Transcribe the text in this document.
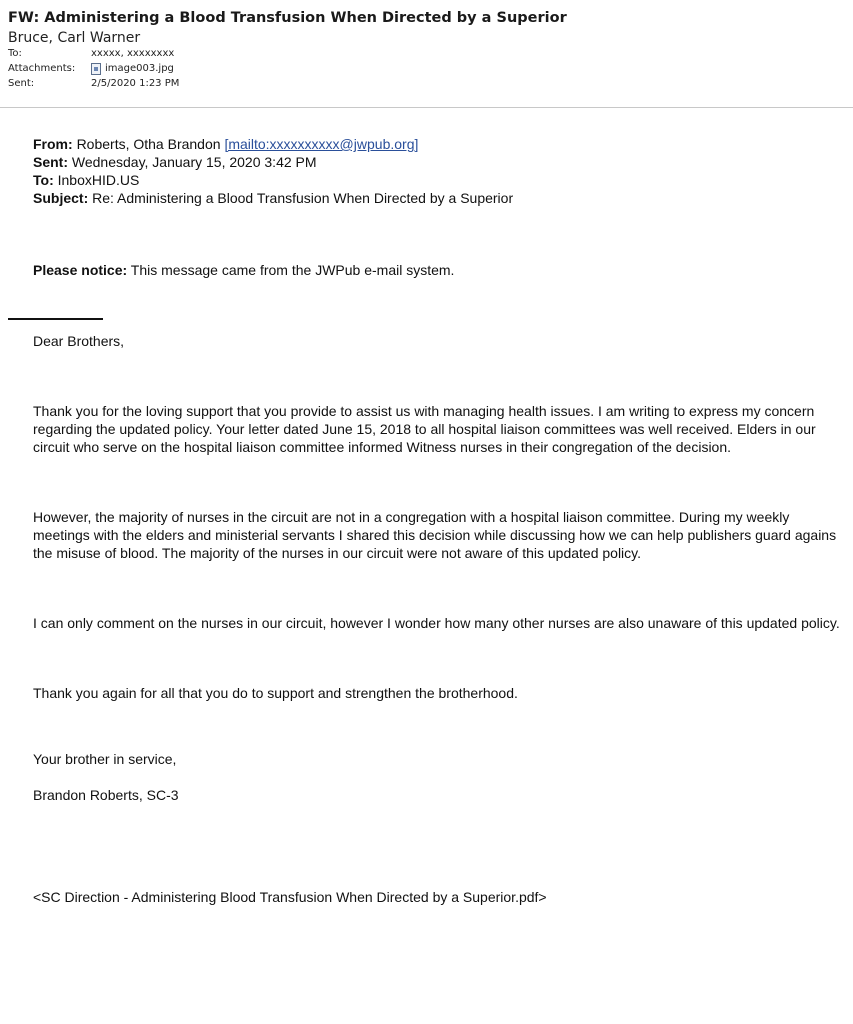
FW: Administering a Blood Transfusion When Directed by a Superior
Bruce, Carl Warner
To:	xxxxx, xxxxxxxx
Attachments:	image003.jpg
Sent:	2/5/2020 1:23 PM

From: Roberts, Otha Brandon [mailto:xxxxxxxxxx@jwpub.org]

Sent: Wednesday, January 15, 2020 3:42 PM

To: InboxHID.US

Subject: Re: Administering a Blood Transfusion When Directed by a Superior

Please notice: This message came from the JWPub e-mail system.

Dear Brothers,

Thank you for the loving support that you provide to assist us with managing health issues. I am writing to express my concern regarding the updated policy. Your letter dated June 15, 2018 to all hospital liaison committees was well received. Elders in our circuit who serve on the hospital liaison committee informed Witness nurses in their congregation of the decision.

However, the majority of nurses in the circuit are not in a congregation with a hospital liaison committee. During my weekly meetings with the elders and ministerial servants I shared this decision while discussing how we can help publishers guard agains the misuse of blood. The majority of the nurses in our circuit were not aware of this updated policy.

I can only comment on the nurses in our circuit, however I wonder how many other nurses are also unaware of this updated policy.

Thank you again for all that you do to support and strengthen the brotherhood.

Your brother in service,

Brandon Roberts, SC-3

<SC Direction - Administering Blood Transfusion When Directed by a Superior.pdf>
